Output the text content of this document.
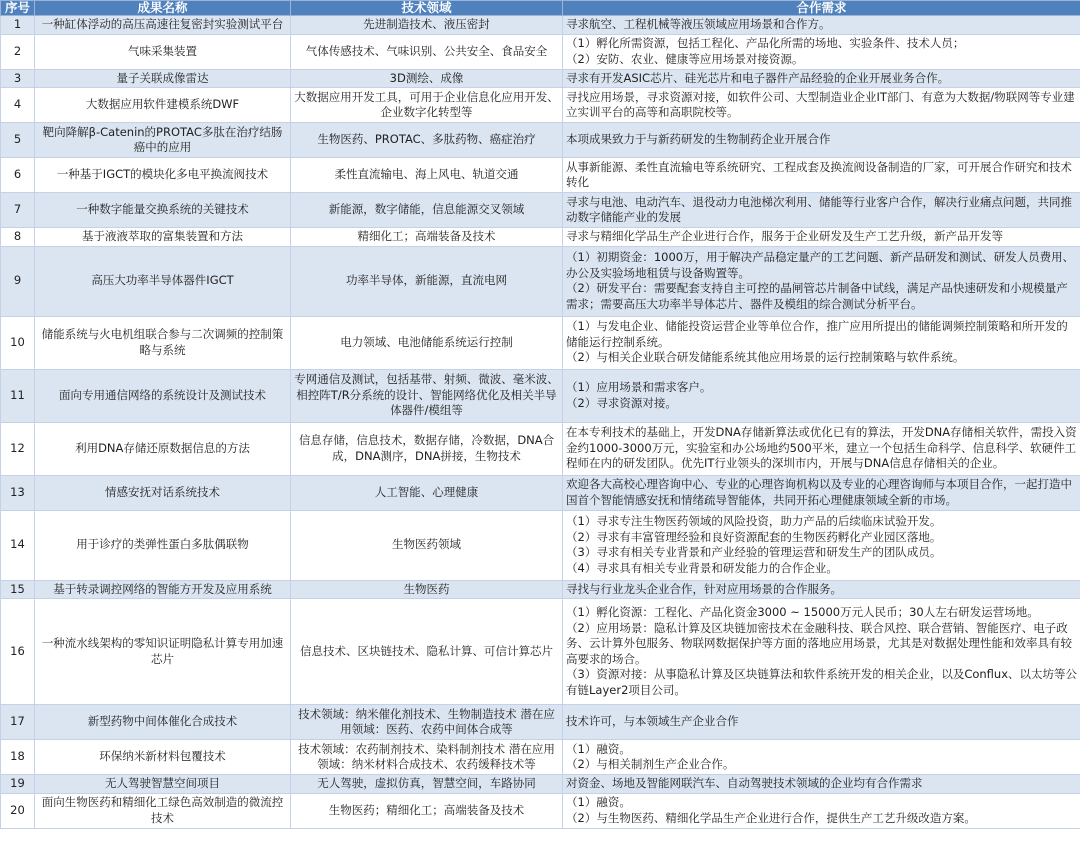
序号	成果名称	技术领域	合作需求
1	一种缸体浮动的高压高速往复密封实验测试平台	先进制造技术、液压密封	寻求航空、工程机械等液压领域应用场景和合作方。

2	气味采集装置	气体传感技术、气味识别、公共安全、食品安全	（1）孵化所需资源，包括工程化、产品化所需的场地、实验条件、技术人员；
（2）安防、农业、健康等应用场景对接资源。

3	量子关联成像雷达	3D测绘、成像	寻求有开发ASIC芯片、硅光芯片和电子器件产品经验的企业开展业务合作。

4	大数据应用软件建模系统DWF	大数据应用开发工具，可用于企业信息化应用开发、企业数字化转型等	寻找应用场景，寻求资源对接，如软件公司、大型制造业企业IT部门、有意为大数据/物联网等专业建立实训平台的高等和高职院校等。

5	靶向降解β-Catenin的PROTAC多肽在治疗结肠癌中的应用	生物医药、PROTAC、多肽药物、癌症治疗	本项成果致力于与新药研发的生物制药企业开展合作

6	一种基于IGCT的模块化多电平换流阀技术	柔性直流输电、海上风电、轨道交通	从事新能源、柔性直流输电等系统研究、工程成套及换流阀设备制造的厂家，可开展合作研究和技术转化

7	一种数字能量交换系统的关键技术	新能源，数字储能，信息能源交叉领域	寻求与电池、电动汽车、退役动力电池梯次利用、储能等行业客户合作，解决行业痛点问题，共同推动数字储能产业的发展

8	基于液液萃取的富集装置和方法	精细化工；高端装备及技术	寻求与精细化学品生产企业进行合作，服务于企业研发及生产工艺升级，新产品开发等

9	高压大功率半导体器件IGCT	功率半导体，新能源，直流电网	（1）初期资金：1000万，用于解决产品稳定量产的工艺问题、新产品研发和测试、研发人员费用、办公及实验场地租赁与设备购置等。
（2）研发平台：需要配套支持自主可控的晶闸管芯片制备中试线，满足产品快速研发和小规模量产需求；需要高压大功率半导体芯片、器件及模组的综合测试分析平台。

10	储能系统与火电机组联合参与二次调频的控制策略与系统	电力领域、电池储能系统运行控制	（1）与发电企业、储能投资运营企业等单位合作，推广应用所提出的储能调频控制策略和所开发的储能运行控制系统。
（2）与相关企业联合研发储能系统其他应用场景的运行控制策略与软件系统。

11	面向专用通信网络的系统设计及测试技术	专网通信及测试，包括基带、射频、微波、毫米波、相控阵T/R分系统的设计、智能网络优化及相关半导体器件/模组等	（1）应用场景和需求客户。
（2）寻求资源对接。

12	利用DNA存储还原数据信息的方法	信息存储，信息技术，数据存储，冷数据，DNA合成，DNA测序，DNA拼接，生物技术	在本专利技术的基础上，开发DNA存储新算法或优化已有的算法，开发DNA存储相关软件，需投入资金约1000-3000万元，实验室和办公场地约500平米，建立一个包括生命科学、信息科学、软硬件工程师在内的研发团队。优先IT行业领头的深圳市内，开展与DNA信息存储相关的企业。

13	情感安抚对话系统技术	人工智能、心理健康	欢迎各大高校心理咨询中心、专业的心理咨询机构以及专业的心理咨询师与本项目合作，一起打造中国首个智能情感安抚和情绪疏导智能体，共同开拓心理健康领域全新的市场。

14	用于诊疗的类弹性蛋白多肽偶联物	生物医药领域	（1）寻求专注生物医药领域的风险投资，助力产品的后续临床试验开发。
（2）寻求有丰富管理经验和良好资源配套的生物医药孵化产业园区落地。
（3）寻求有相关专业背景和产业经验的管理运营和研发生产的团队成员。
（4）寻求具有相关专业背景和研发能力的合作企业。

15	基于转录调控网络的智能方开发及应用系统	生物医药	寻找与行业龙头企业合作，针对应用场景的合作服务。

16	一种流水线架构的零知识证明隐私计算专用加速芯片	信息技术、区块链技术、隐私计算、可信计算芯片	（1）孵化资源：工程化、产品化资金3000 ~ 15000万元人民币；30人左右研发运营场地。
（2）应用场景：隐私计算及区块链加密技术在金融科技、联合风控、联合营销、智能医疗、电子政务、云计算外包服务、物联网数据保护等方面的落地应用场景，尤其是对数据处理性能和效率具有较高要求的场合。
（3）资源对接：从事隐私计算及区块链算法和软件系统开发的相关企业，以及Conflux、以太坊等公有链Layer2项目公司。

17	新型药物中间体催化合成技术	技术领域：纳米催化剂技术、生物制造技术 潜在应用领域：医药、农药中间体合成等	技术许可，与本领域生产企业合作

18	环保纳米新材料包覆技术	技术领域：农药制剂技术、染料制剂技术 潜在应用领域：纳米材料合成技术、农药缓释技术等	（1）融资。
（2）与相关制剂生产企业合作。

19	无人驾驶智慧空间项目	无人驾驶，虚拟仿真，智慧空间，车路协同	对资金、场地及智能网联汽车、自动驾驶技术领域的企业均有合作需求

20	面向生物医药和精细化工绿色高效制造的微流控技术	生物医药；精细化工；高端装备及技术	（1）融资。
（2）与生物医药、精细化学品生产企业进行合作，提供生产工艺升级改造方案。
